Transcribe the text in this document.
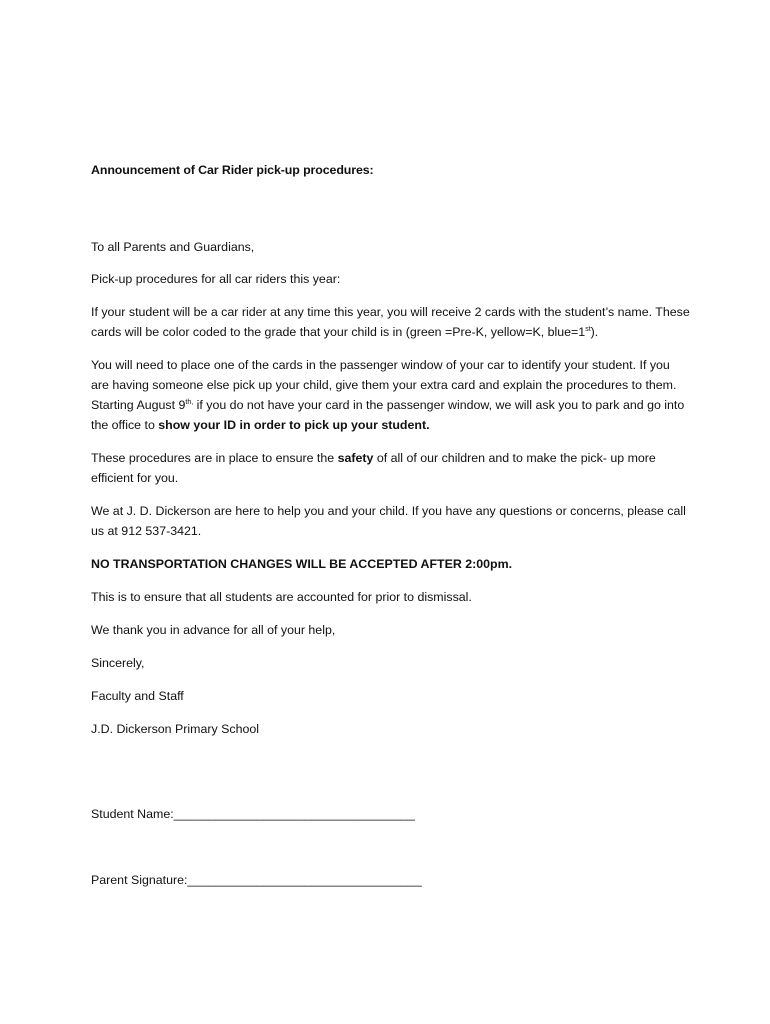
Announcement of Car Rider pick-up procedures:

To all Parents and Guardians,

Pick-up procedures for all car riders this year:

If your student will be a car rider at any time this year, you will receive 2 cards with the student’s name. These cards will be color coded to the grade that your child is in (green =Pre-K, yellow=K, blue=1st).

You will need to place one of the cards in the passenger window of your car to identify your student. If you are having someone else pick up your child, give them your extra card and explain the procedures to them. Starting August $9^{th,}$ if you do not have your card in the passenger window, we will ask you to park and go into the office to show your ID in order to pick up your student.

These procedures are in place to ensure the safety of all of our children and to make the pick- up more efficient for you.

We at J. D. Dickerson are here to help you and your child. If you have any questions or concerns, please call us at 912 537-3421.

NO TRANSPORTATION CHANGES WILL BE ACCEPTED AFTER 2:00pm.

This is to ensure that all students are accounted for prior to dismissal.

We thank you in advance for all of your help,

Sincerely,

Faculty and Staff

J.D. Dickerson Primary School

Student Name:___________________________________
Parent Signature:__________________________________
